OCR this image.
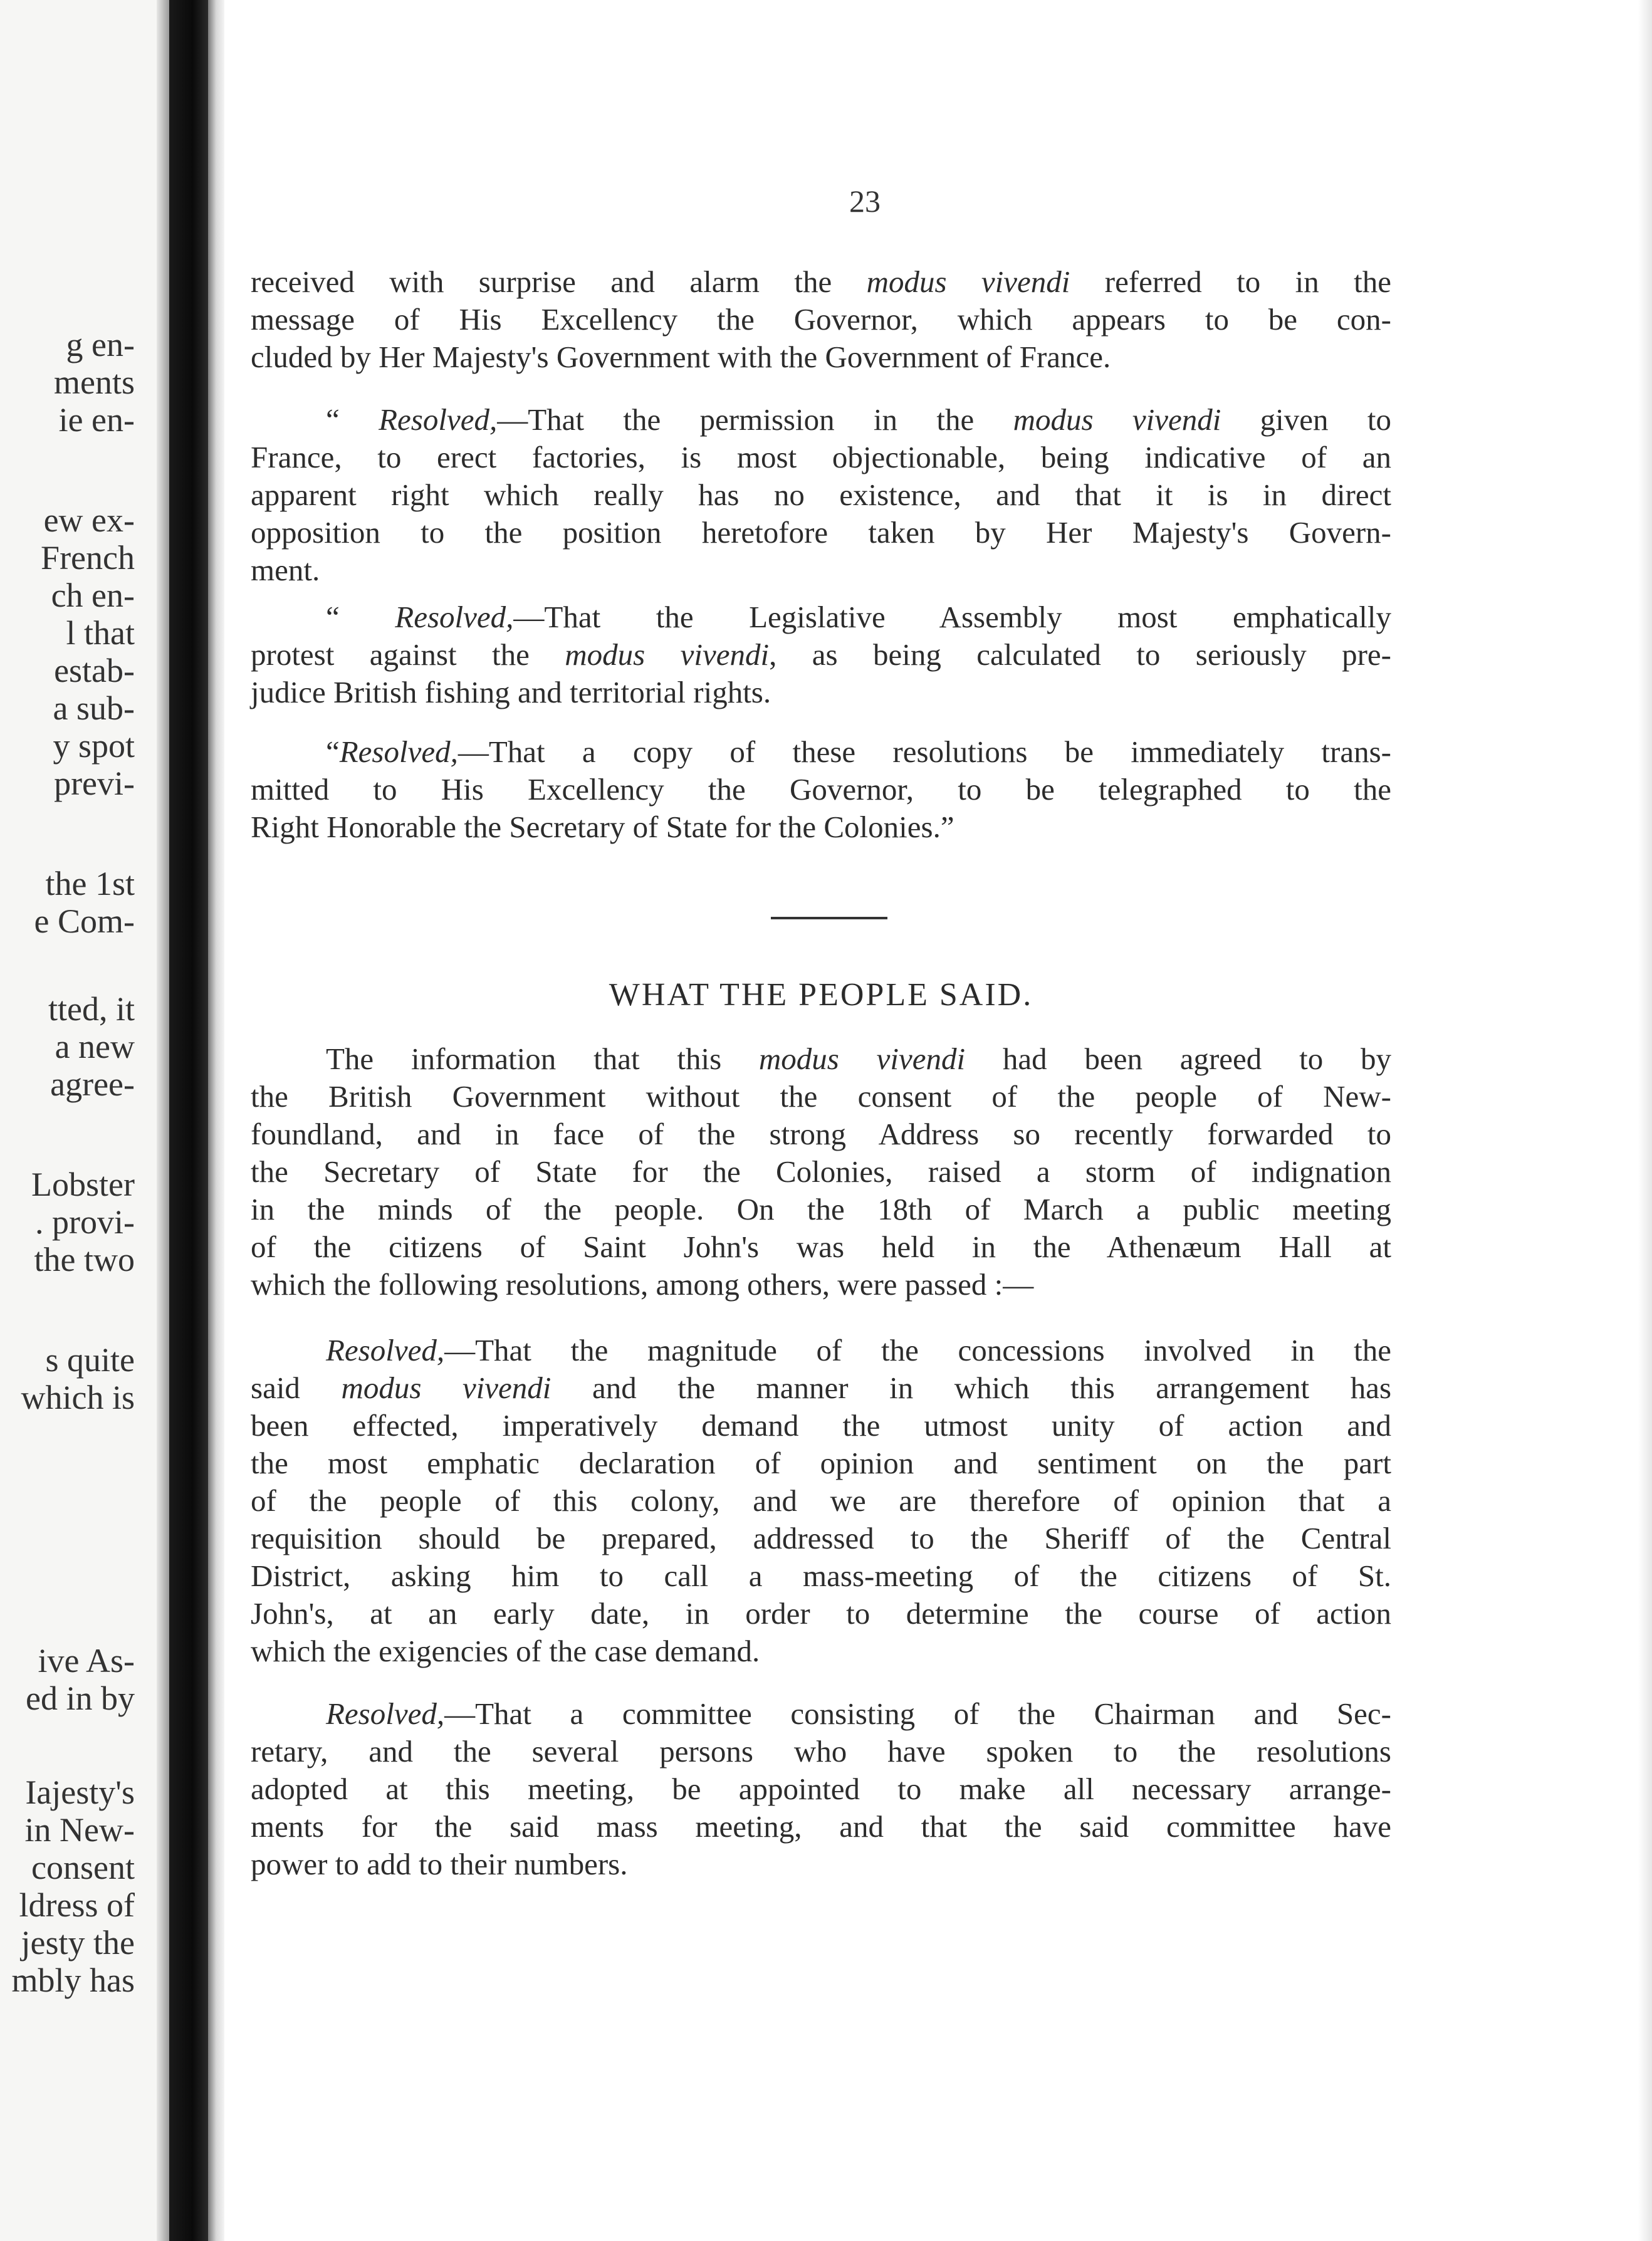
g en-
ments
ie en-
ew ex-
French
ch en-
l that
estab-
a sub-
y spot
previ-
the 1st
e Com-
tted, it
a new
agree-
Lobster
. provi-
the two
s quite
which is
ive As-
ed in by
Iajesty's
in New-
consent
ldress of
jesty the
mbly has
23
received with surprise and alarm the modus vivendi referred to in the
message of His Excellency the Governor, which appears to be con-
cluded by Her Majesty's Government with the Government of France.
“ Resolved,—That the permission in the modus vivendi given to
France, to erect factories, is most objectionable, being indicative of an
apparent right which really has no existence, and that it is in direct
opposition to the position heretofore taken by Her Majesty's Govern-
ment.
“ Resolved,—That the Legislative Assembly most emphatically
protest against the modus vivendi, as being calculated to seriously pre-
judice British fishing and territorial rights.
“Resolved,—That a copy of these resolutions be immediately trans-
mitted to His Excellency the Governor, to be telegraphed to the
Right Honorable the Secretary of State for the Colonies.”
WHAT THE PEOPLE SAID.
The information that this modus vivendi had been agreed to by
the British Government without the consent of the people of New-
foundland, and in face of the strong Address so recently forwarded to
the Secretary of State for the Colonies, raised a storm of indignation
in the minds of the people. On the 18th of March a public meeting
of the citizens of Saint John's was held in the Athenæum Hall at
which the following resolutions, among others, were passed :—
Resolved,—That the magnitude of the concessions involved in the
said modus vivendi and the manner in which this arrangement has
been effected, imperatively demand the utmost unity of action and
the most emphatic declaration of opinion and sentiment on the part
of the people of this colony, and we are therefore of opinion that a
requisition should be prepared, addressed to the Sheriff of the Central
District, asking him to call a mass-meeting of the citizens of St.
John's, at an early date, in order to determine the course of action
which the exigencies of the case demand.
Resolved,—That a committee consisting of the Chairman and Sec-
retary, and the several persons who have spoken to the resolutions
adopted at this meeting, be appointed to make all necessary arrange-
ments for the said mass meeting, and that the said committee have
power to add to their numbers.
